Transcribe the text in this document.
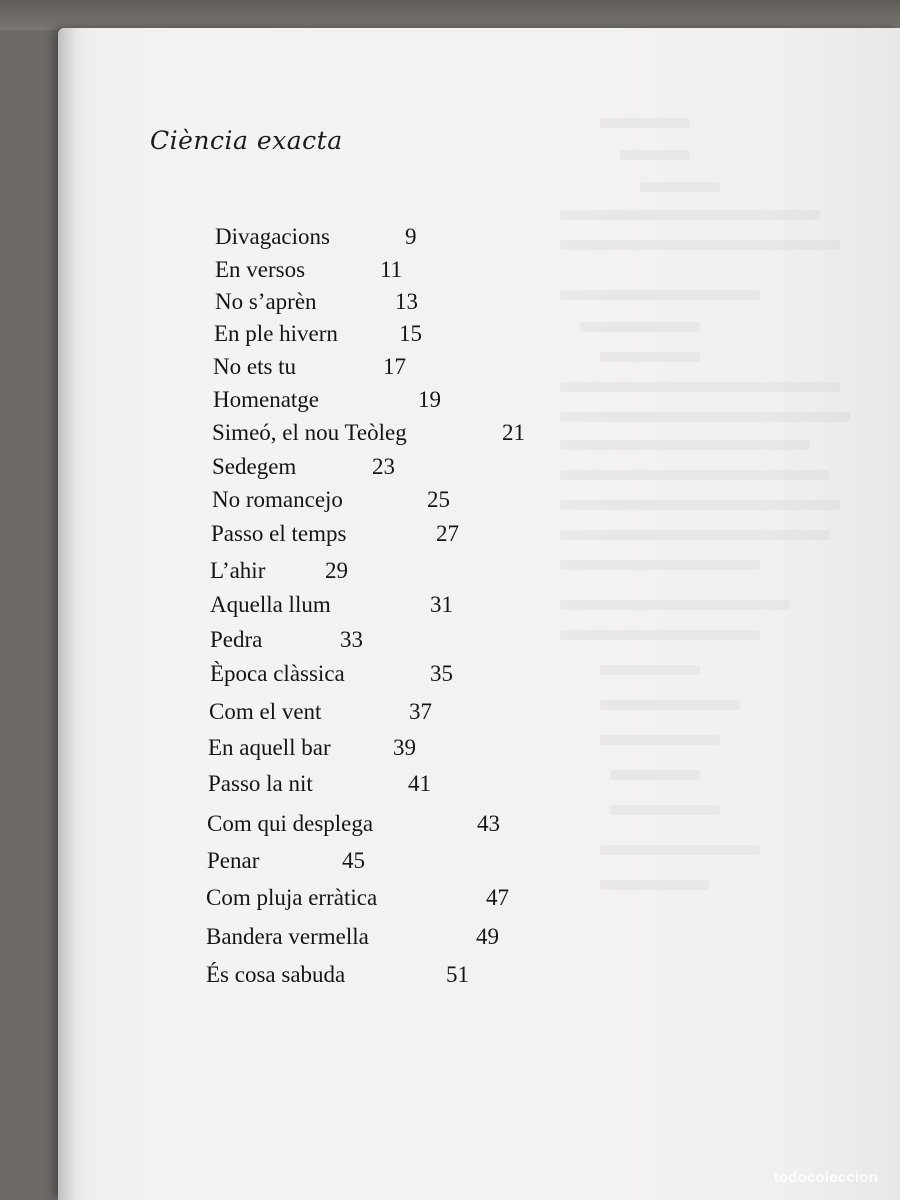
Ciència exacta
Divagacions	9
En versos	11
No s’aprèn	13
En ple hivern	15
No ets tu	17
Homenatge	19
Simeó, el nou Teòleg	21
Sedegem	23
No romancejo	25
Passo el temps	27
L’ahir	29
Aquella llum	31
Pedra	33
Època clàssica	35
Com el vent	37
En aquell bar	39
Passo la nit	41
Com qui desplega	43
Penar	45
Com pluja erràtica	47
Bandera vermella	49
És cosa sabuda	51
todocoleccion
